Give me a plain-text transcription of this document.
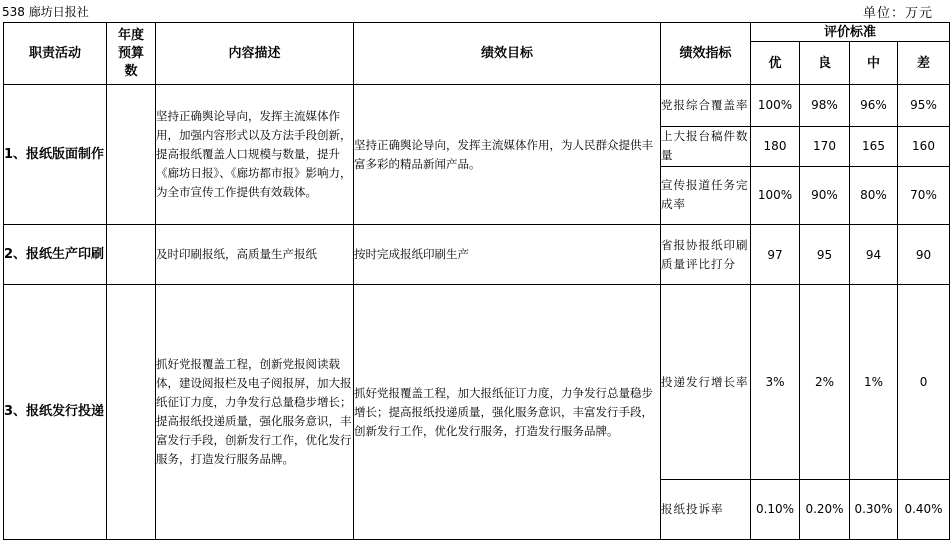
538 廊坊日报社	单位：万元
职责活动	年度预算数	内容描述	绩效目标	绩效指标	评价标准			
					优	良	中	差
1、报纸版面制作		坚持正确舆论导向，发挥主流媒体作用，加强内容形式以及方法手段创新，提高报纸覆盖人口规模与数量，提升《廊坊日报》、《廊坊都市报》影响力，为全市宣传工作提供有效载体。	坚持正确舆论导向，发挥主流媒体作用，为人民群众提供丰富多彩的精品新闻产品。	党报综合覆盖率	100%	98%	96%	95%
				上大报台稿件数量	180	170	165	160
				宣传报道任务完成率	100%	90%	80%	70%
2、报纸生产印刷		及时印刷报纸，高质量生产报纸	按时完成报纸印刷生产	省报协报纸印刷质量评比打分	97	95	94	90
3、报纸发行投递		抓好党报覆盖工程，创新党报阅读载体，建设阅报栏及电子阅报屏，加大报纸征订力度，力争发行总量稳步增长；提高报纸投递质量，强化服务意识，丰富发行手段，创新发行工作，优化发行服务，打造发行服务品牌。	抓好党报覆盖工程，加大报纸征订力度，力争发行总量稳步增长；提高报纸投递质量，强化服务意识，丰富发行手段，创新发行工作，优化发行服务，打造发行服务品牌。	投递发行增长率	3%	2%	1%	0
				报纸投诉率	0.10%	0.20%	0.30%	0.40%
